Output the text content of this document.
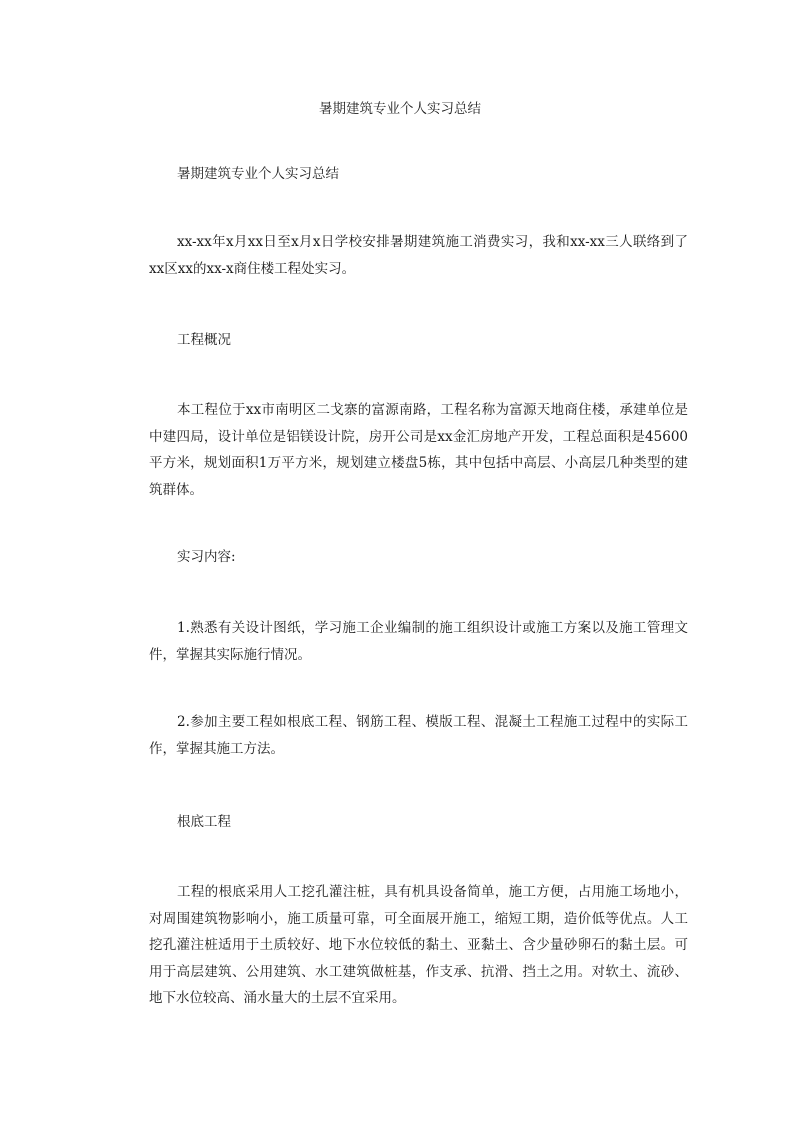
暑期建筑专业个人实习总结

暑期建筑专业个人实习总结

xx-xx年x月xx日至x月x日学校安排暑期建筑施工消费实习，我和xx-xx三人联络到了xx区xx的xx-x商住楼工程处实习。

工程概况

本工程位于xx市南明区二戈寨的富源南路，工程名称为富源天地商住楼，承建单位是中建四局，设计单位是铝镁设计院，房开公司是xx金汇房地产开发，工程总面积是45600平方米，规划面积1万平方米，规划建立楼盘5栋，其中包括中高层、小高层几种类型的建筑群体。

实习内容:

1.熟悉有关设计图纸，学习施工企业编制的施工组织设计或施工方案以及施工管理文件，掌握其实际施行情况。

2.参加主要工程如根底工程、钢筋工程、模版工程、混凝土工程施工过程中的实际工作，掌握其施工方法。

根底工程

工程的根底采用人工挖孔灌注桩，具有机具设备简单，施工方便，占用施工场地小，对周围建筑物影响小，施工质量可靠，可全面展开施工，缩短工期，造价低等优点。人工挖孔灌注桩适用于土质较好、地下水位较低的黏土、亚黏土、含少量砂卵石的黏土层。可用于高层建筑、公用建筑、水工建筑做桩基，作支承、抗滑、挡土之用。对软土、流砂、地下水位较高、涌水量大的土层不宜采用。
